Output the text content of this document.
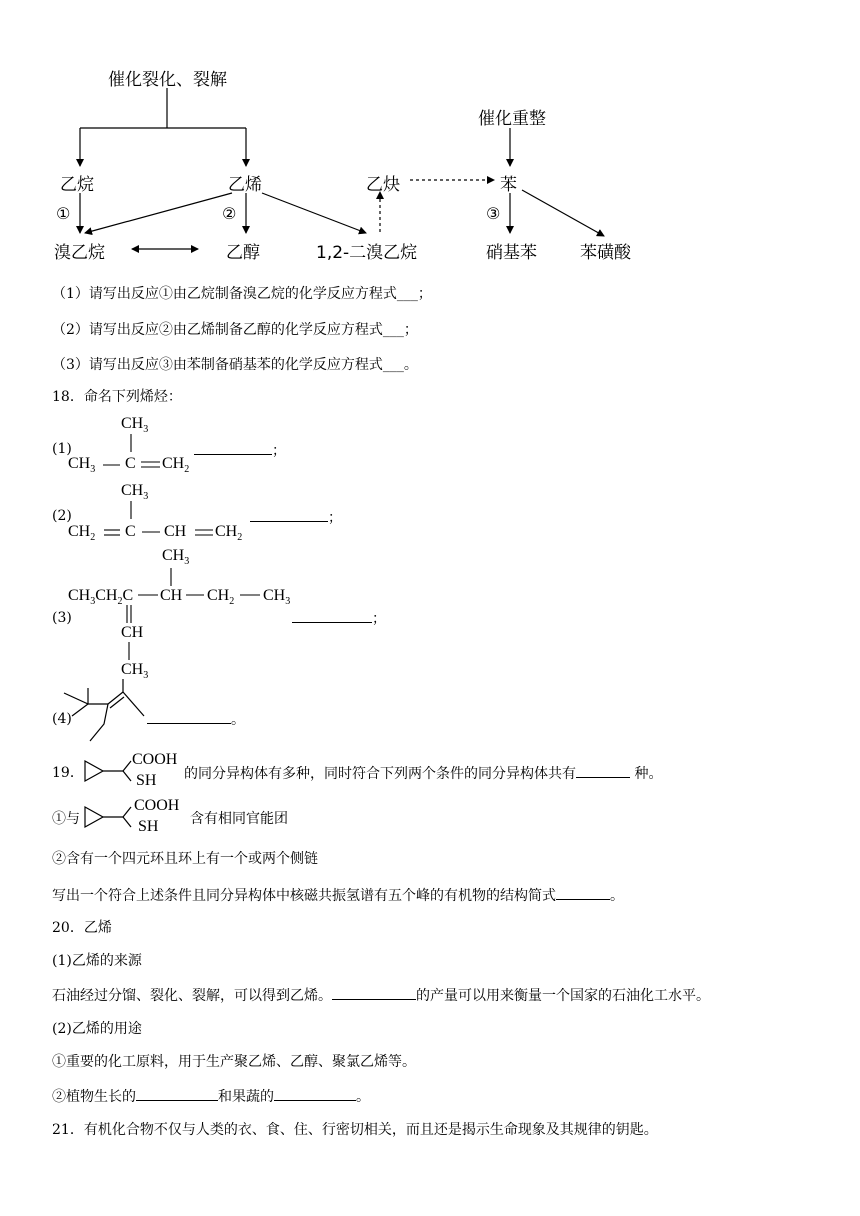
催化裂化、裂解
催化重整
乙烷	乙烯	乙炔	苯
①	②	③
溴乙烷	乙醇	1,2-二溴乙烷	硝基苯	苯磺酸
（1）请写出反应①由乙烷制备溴乙烷的化学反应方程式___；
（2）请写出反应②由乙烯制备乙醇的化学反应方程式___；
（3）请写出反应③由苯制备硝基苯的化学反应方程式___。
18．命名下列烯烃：
(1)
$CH_3$
$CH_3$ C $CH_2$
；
(2)
$CH_3$
$CH_2$ C CH $CH_2$
；
(3)
$CH_3$
$CH_3CH_2C$ CH $CH_2$ $CH_3$
CH
$CH_3$
；
(4)	。
19．
COOH
SH 的同分异构体有多种，同时符合下列两个条件的同分异构体共有	种。
①与
COOH
SH 含有相同官能团
②含有一个四元环且环上有一个或两个侧链
写出一个符合上述条件且同分异构体中核磁共振氢谱有五个峰的有机物的结构简式	。
20．乙烯
(1)乙烯的来源
石油经过分馏、裂化、裂解，可以得到乙烯。	的产量可以用来衡量一个国家的石油化工水平。
(2)乙烯的用途
①重要的化工原料，用于生产聚乙烯、乙醇、聚氯乙烯等。
②植物生长的	和果蔬的	。
21．有机化合物不仅与人类的衣、食、住、行密切相关，而且还是揭示生命现象及其规律的钥匙。
